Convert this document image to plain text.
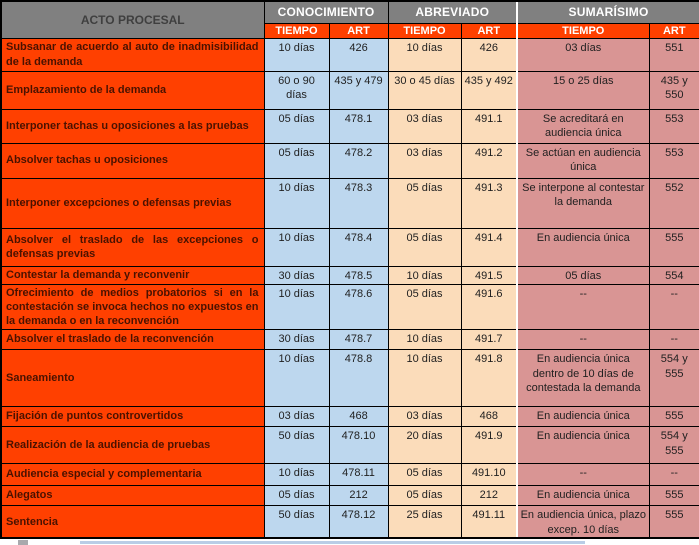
ACTO PROCESAL	CONOCIMIENTO		ABREVIADO		SUMARÍSIMO	
	TIEMPO	ART	TIEMPO	ART	TIEMPO	ART
Subsanar de acuerdo al auto de inadmisibilidad de la demanda	10 días	426	10 días	426	03 días	551
Emplazamiento de la demanda	60 o 90 días	435 y 479	30 o 45 días	435 y 492	15 o 25 días	435 y 550
Interponer tachas u oposiciones a las pruebas	05 días	478.1	03 días	491.1	Se acreditará en audiencia única	553
Absolver tachas u oposiciones	05 días	478.2	03 días	491.2	Se actúan en audiencia única	553
Interponer excepciones o defensas previas	10 días	478.3	05 días	491.3	Se interpone al contestar la demanda	552
Absolver el traslado de las excepciones o defensas previas	10 días	478.4	05 días	491.4	En audiencia única	555
Contestar la demanda y reconvenir	30 días	478.5	10 días	491.5	05 días	554
Ofrecimiento de medios probatorios si en la contestación se invoca hechos no expuestos en la demanda o en la reconvención	10 días	478.6	05 días	491.6	--	--
Absolver el traslado de la reconvención	30 días	478.7	10 días	491.7	--	--
Saneamiento	10 días	478.8	10 días	491.8	En audiencia única dentro de 10 días de contestada la demanda	554 y 555
Fijación de puntos controvertidos	03 días	468	03 días	468	En audiencia única	555
Realización de la audiencia de pruebas	50 días	478.10	20 días	491.9	En audiencia única	554 y 555
Audiencia especial y complementaria	10 días	478.11	05 días	491.10	--	--
Alegatos	05 días	212	05 días	212	En audiencia única	555
Sentencia	50 días	478.12	25 días	491.11	En audiencia única, plazo excep. 10 días	555
